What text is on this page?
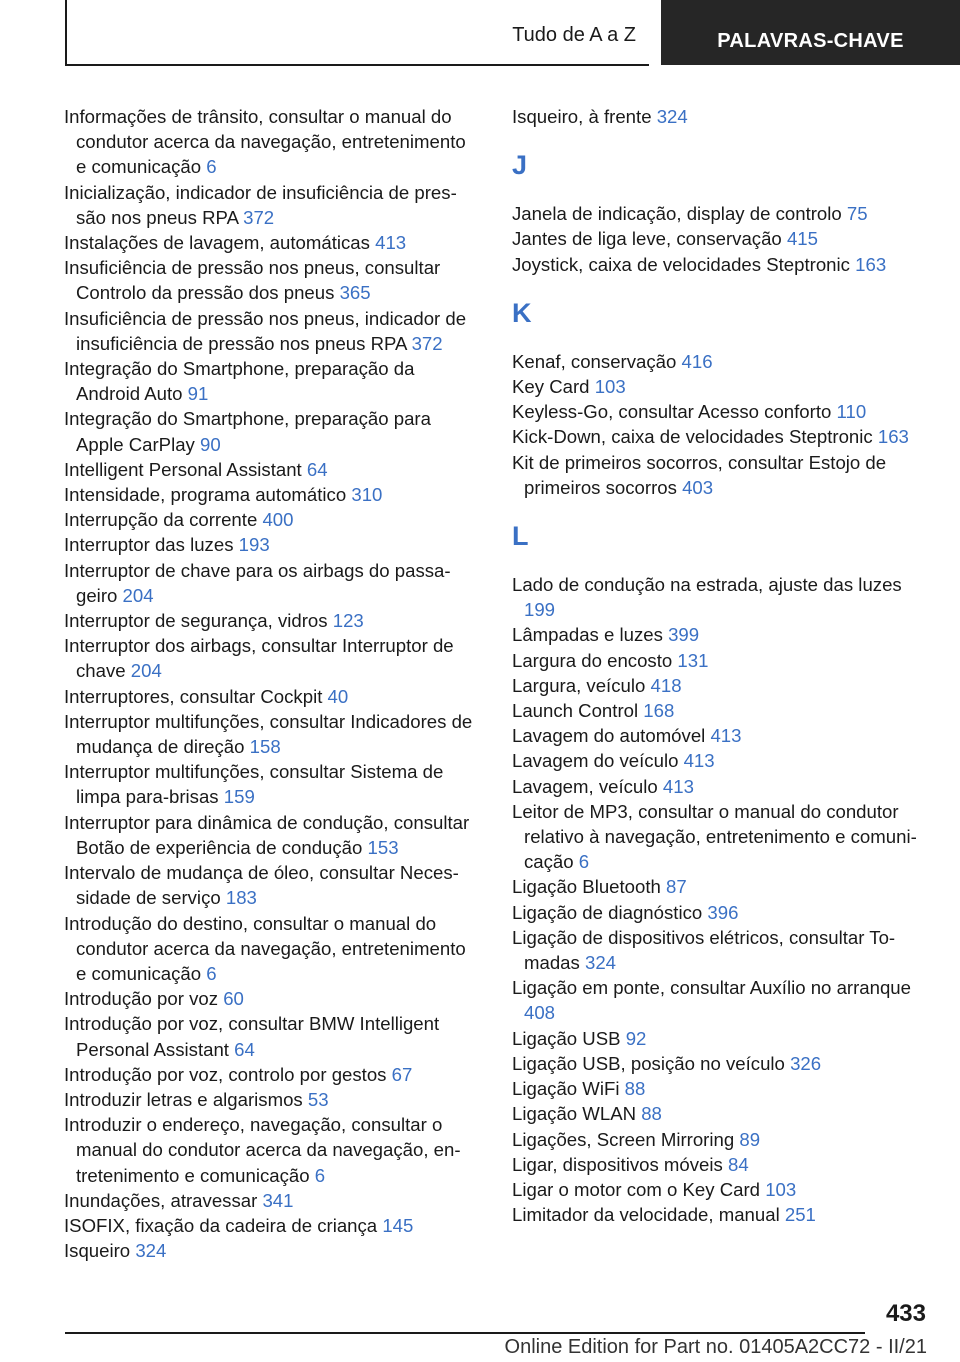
Tudo de A a Z	PALAVRAS-CHAVE
Informações de trânsito, consultar o manual do condutor acerca da navegação, entretenimento e comunicação 6
Inicialização, indicador de insuficiência de pressão nos pneus RPA 372
Instalações de lavagem, automáticas 413
Insuficiência de pressão nos pneus, consultar Controlo da pressão dos pneus 365
Insuficiência de pressão nos pneus, indicador de insuficiência de pressão nos pneus RPA 372
Integração do Smartphone, preparação da Android Auto 91
Integração do Smartphone, preparação para Apple CarPlay 90
Intelligent Personal Assistant 64
Intensidade, programa automático 310
Interrupção da corrente 400
Interruptor das luzes 193
Interruptor de chave para os airbags do passageiro 204
Interruptor de segurança, vidros 123
Interruptor dos airbags, consultar Interruptor de chave 204
Interruptores, consultar Cockpit 40
Interruptor multifunções, consultar Indicadores de mudança de direção 158
Interruptor multifunções, consultar Sistema de limpa para-brisas 159
Interruptor para dinâmica de condução, consultar Botão de experiência de condução 153
Intervalo de mudança de óleo, consultar Necessidade de serviço 183
Introdução do destino, consultar o manual do condutor acerca da navegação, entretenimento e comunicação 6
Introdução por voz 60
Introdução por voz, consultar BMW Intelligent Personal Assistant 64
Introdução por voz, controlo por gestos 67
Introduzir letras e algarismos 53
Introduzir o endereço, navegação, consultar o manual do condutor acerca da navegação, entretenimento e comunicação 6
Inundações, atravessar 341
ISOFIX, fixação da cadeira de criança 145
Isqueiro 324
Isqueiro, à frente 324
J
Janela de indicação, display de controlo 75
Jantes de liga leve, conservação 415
Joystick, caixa de velocidades Steptronic 163
K
Kenaf, conservação 416
Key Card 103
Keyless-Go, consultar Acesso conforto 110
Kick-Down, caixa de velocidades Steptronic 163
Kit de primeiros socorros, consultar Estojo de primeiros socorros 403
L
Lado de condução na estrada, ajuste das luzes 199
Lâmpadas e luzes 399
Largura do encosto 131
Largura, veículo 418
Launch Control 168
Lavagem do automóvel 413
Lavagem do veículo 413
Lavagem, veículo 413
Leitor de MP3, consultar o manual do condutor relativo à navegação, entretenimento e comunicação 6
Ligação Bluetooth 87
Ligação de diagnóstico 396
Ligação de dispositivos elétricos, consultar Tomadas 324
Ligação em ponte, consultar Auxílio no arranque 408
Ligação USB 92
Ligação USB, posição no veículo 326
Ligação WiFi 88
Ligação WLAN 88
Ligações, Screen Mirroring 89
Ligar, dispositivos móveis 84
Ligar o motor com o Key Card 103
Limitador da velocidade, manual 251
433
Online Edition for Part no. 01405A2CC72 - II/21
